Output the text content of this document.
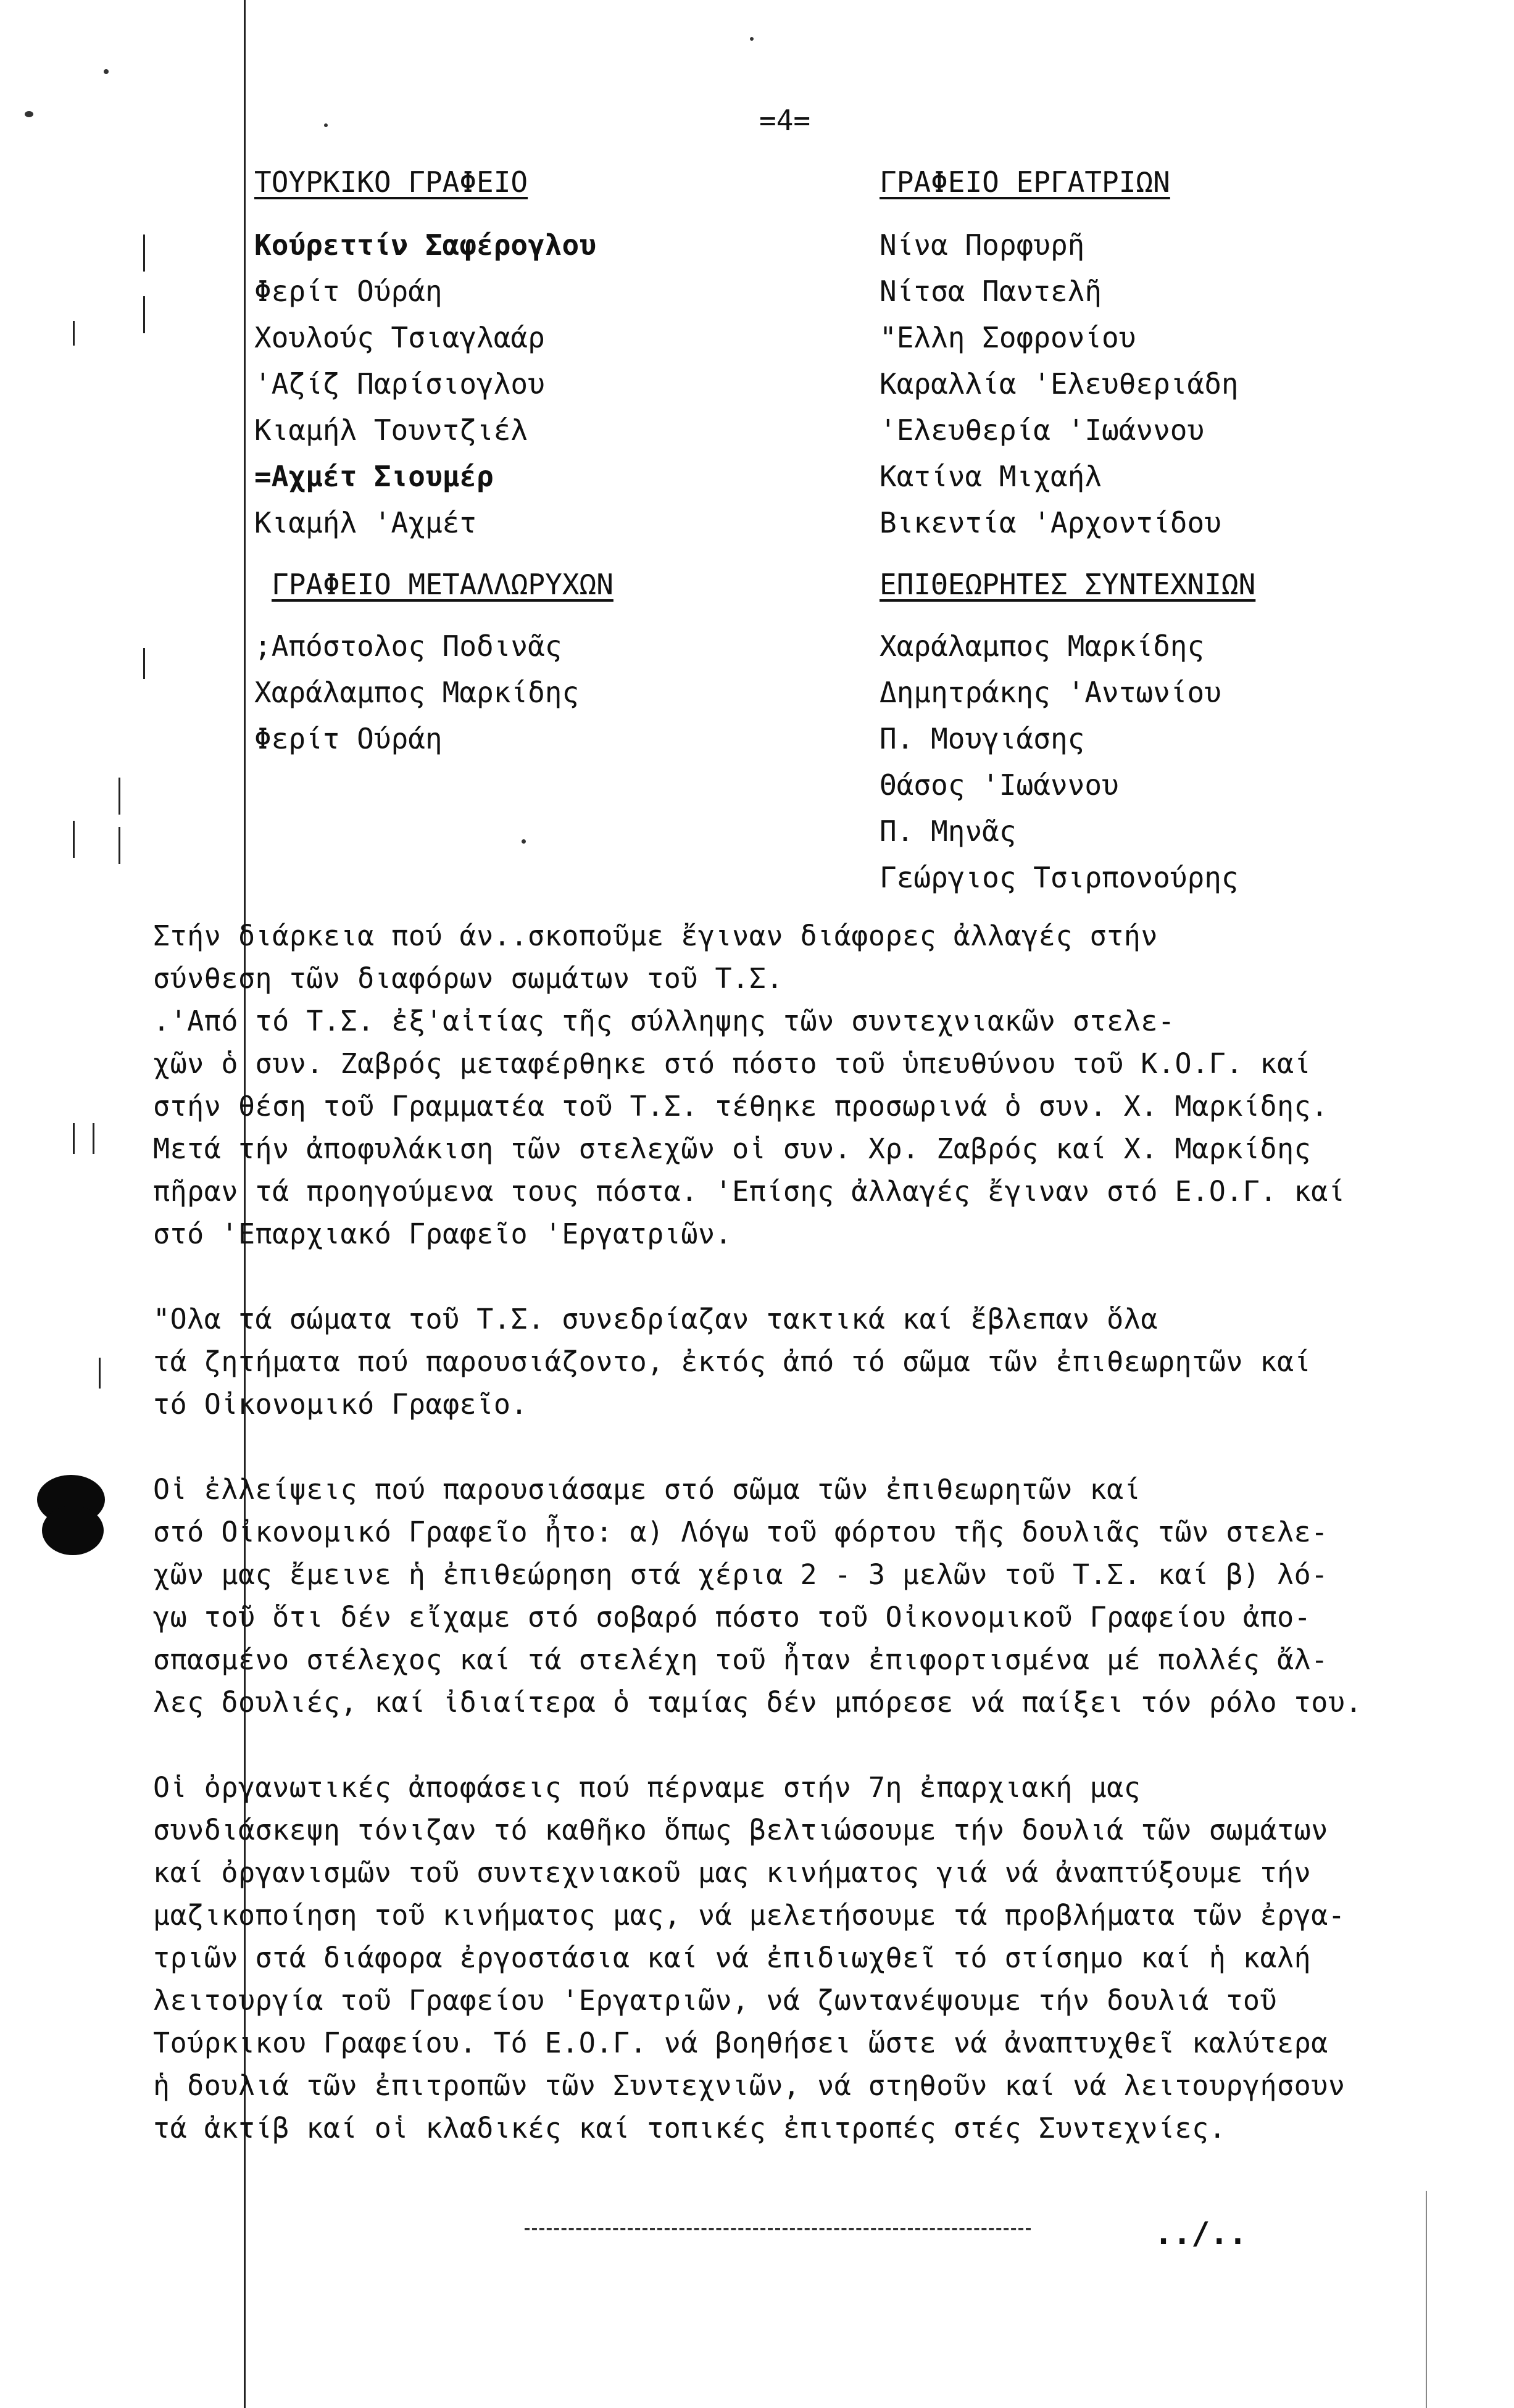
=4=
ΤΟΥΡΚΙΚΟ ΓΡΑΦΕΙΟ
Κούρεττίν Σαφέρογλου
Φερίτ Ούράη
Χουλούς Τσιαγλαάρ
'Αζίζ Παρίσιογλου
Κιαμήλ Τουντζιέλ
=Αχμέτ Σιουμέρ
Κιαμήλ 'Αχμέτ
ΓΡΑΦΕΙΟ ΜΕΤΑΛΛΩΡΥΧΩΝ
;Απόστολος Ποδινᾶς
Χαράλαμπος Μαρκίδης
Φερίτ Ούράη
ΓΡΑΦΕΙΟ ΕΡΓΑΤΡΙΩΝ
Νίνα Πορφυρῆ
Νίτσα Παντελῆ
"Ελλη Σοφρονίου
Καραλλία 'Ελευθεριάδη
'Ελευθερία 'Ιωάννου
Κατίνα Μιχαήλ
Βικεντία 'Αρχοντίδου
ΕΠΙΘΕΩΡΗΤΕΣ ΣΥΝΤΕΧΝΙΩΝ
Χαράλαμπος Μαρκίδης
Δημητράκης 'Αντωνίου
Π. Μουγιάσης
Θάσος 'Ιωάννου
Π. Μηνᾶς
Γεώργιος Τσιρπονούρης
Στήν διάρκεια πού άν..σκοποῦμε ἔγιναν διάφορες ἀλλαγές στήν
σύνθεση τῶν διαφόρων σωμάτων τοῦ Τ.Σ.
.'Από τό Τ.Σ. ἐξ'αἰτίας τῆς σύλληψης τῶν συντεχνιακῶν στελε-
χῶν ὁ συν. Ζαβρός μεταφέρθηκε στό πόστο τοῦ ὑπευθύνου τοῦ Κ.Ο.Γ. καί
στήν θέση τοῦ Γραμματέα τοῦ Τ.Σ. τέθηκε προσωρινά ὁ συν. Χ. Μαρκίδης.
Μετά τήν ἀποφυλάκιση τῶν στελεχῶν οἱ συν. Χρ. Ζαβρός καί Χ. Μαρκίδης
πῆραν τά προηγούμενα τους πόστα. 'Επίσης ἀλλαγές ἔγιναν στό Ε.Ο.Γ. καί
στό 'Επαρχιακό Γραφεῖο 'Εργατριῶν.
"Ολα τά σώματα τοῦ Τ.Σ. συνεδρίαζαν τακτικά καί ἔβλεπαν ὅλα
τά ζητήματα πού παρουσιάζοντο, ἐκτός ἀπό τό σῶμα τῶν ἐπιθεωρητῶν καί
τό Οἰκονομικό Γραφεῖο.
Οἱ ἐλλείψεις πού παρουσιάσαμε στό σῶμα τῶν ἐπιθεωρητῶν καί
στό Οἰκονομικό Γραφεῖο ἦτο: α) Λόγω τοῦ φόρτου τῆς δουλιᾶς τῶν στελε-
χῶν μας ἔμεινε ἡ ἐπιθεώρηση στά χέρια 2 - 3 μελῶν τοῦ Τ.Σ. καί β) λό-
γω τοῦ ὅτι δέν εἴχαμε στό σοβαρό πόστο τοῦ Οἰκονομικοῦ Γραφείου ἀπο-
σπασμένο στέλεχος καί τά στελέχη τοῦ ἦταν ἐπιφορτισμένα μέ πολλές ἄλ-
λες δουλιές, καί ἰδιαίτερα ὁ ταμίας δέν μπόρεσε νά παίξει τόν ρόλο του.
Οἱ ὀργανωτικές ἀποφάσεις πού πέρναμε στήν 7η ἐπαρχιακή μας
συνδιάσκεψη τόνιζαν τό καθῆκο ὅπως βελτιώσουμε τήν δουλιά τῶν σωμάτων
καί ὀργανισμῶν τοῦ συντεχνιακοῦ μας κινήματος γιά νά ἀναπτύξουμε τήν
μαζικοποίηση τοῦ κινήματος μας, νά μελετήσουμε τά προβλήματα τῶν ἐργα-
τριῶν στά διάφορα ἐργοστάσια καί νά ἐπιδιωχθεῖ τό στίσημο καί ἡ καλή
λειτουργία τοῦ Γραφείου 'Εργατριῶν, νά ζωντανέψουμε τήν δουλιά τοῦ
Τούρκικου Γραφείου. Τό Ε.Ο.Γ. νά βοηθήσει ὥστε νά ἀναπτυχθεῖ καλύτερα
ἡ δουλιά τῶν ἐπιτροπῶν τῶν Συντεχνιῶν, νά στηθοῦν καί νά λειτουργήσουν
τά ἀκτίβ καί οἱ κλαδικές καί τοπικές ἐπιτροπές στές Συντεχνίες.
../..
